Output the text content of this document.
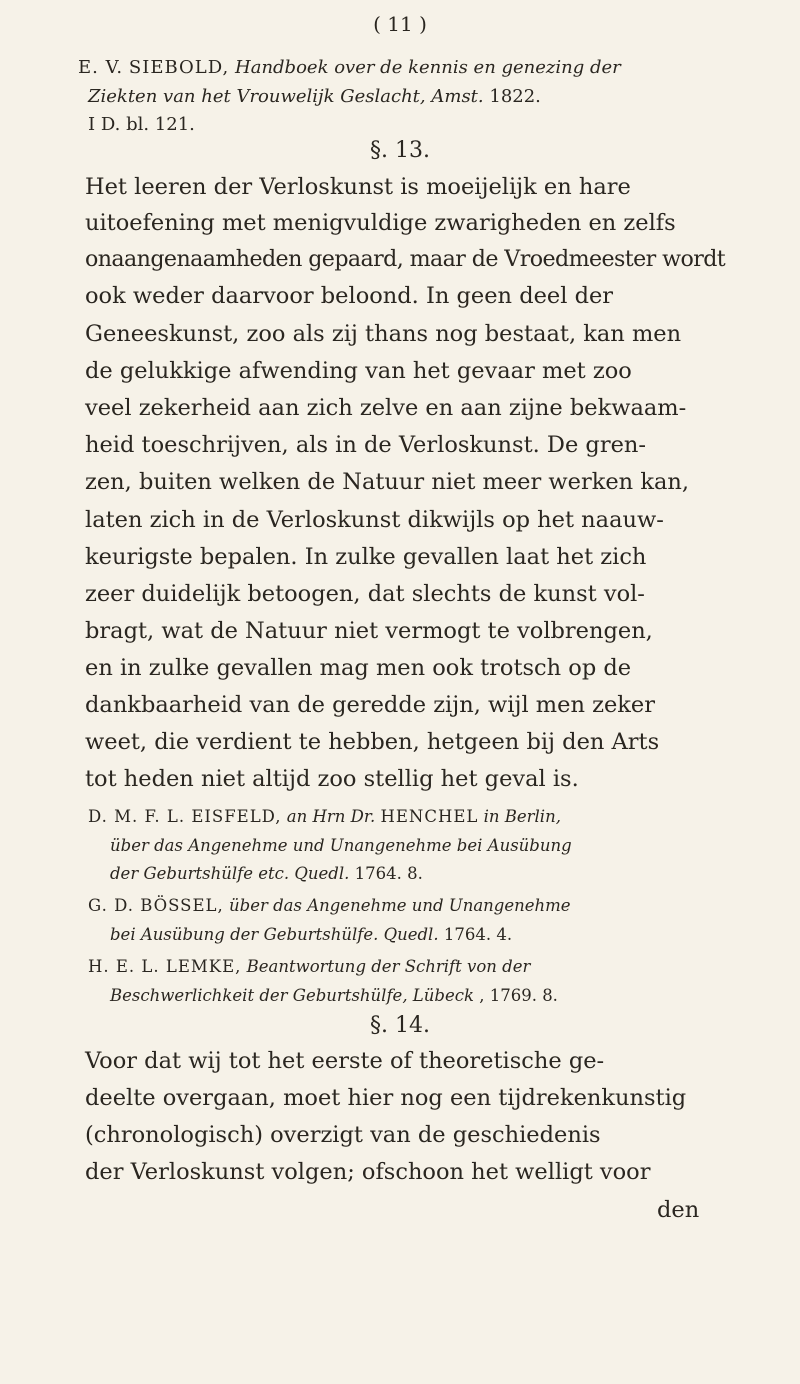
( 11 )
E. V. SIEBOLD, Handboek over de kennis en genezing der
Ziekten van het Vrouwelijk Geslacht, Amst. 1822.
I D. bl. 121.
§. 13.
Het leeren der Verloskunst is moeijelijk en hare
uitoefening met menigvuldige zwarigheden en zelfs
onaangenaamheden gepaard, maar de Vroedmeester wordt
ook weder daarvoor beloond. In geen deel der
Geneeskunst, zoo als zij thans nog bestaat, kan men
de gelukkige afwending van het gevaar met zoo
veel zekerheid aan zich zelve en aan zijne bekwaam-
heid toeschrijven, als in de Verloskunst. De gren-
zen, buiten welken de Natuur niet meer werken kan,
laten zich in de Verloskunst dikwijls op het naauw-
keurigste bepalen. In zulke gevallen laat het zich
zeer duidelijk betoogen, dat slechts de kunst vol-
bragt, wat de Natuur niet vermogt te volbrengen,
en in zulke gevallen mag men ook trotsch op de
dankbaarheid van de geredde zijn, wijl men zeker
weet, die verdient te hebben, hetgeen bij den Arts
tot heden niet altijd zoo stellig het geval is.
D. M. F. L. EISFELD, an Hrn Dr. HENCHEL in Berlin,
über das Angenehme und Unangenehme bei Ausübung
der Geburtshülfe etc. Quedl. 1764. 8.
G. D. BÖSSEL, über das Angenehme und Unangenehme
bei Ausübung der Geburtshülfe. Quedl. 1764. 4.
H. E. L. LEMKE, Beantwortung der Schrift von der
Beschwerlichkeit der Geburtshülfe, Lübeck , 1769. 8.
§. 14.
Voor dat wij tot het eerste of theoretische ge-
deelte overgaan, moet hier nog een tijdrekenkunstig
(chronologisch) overzigt van de geschiedenis
der Verloskunst volgen; ofschoon het welligt voor
den
